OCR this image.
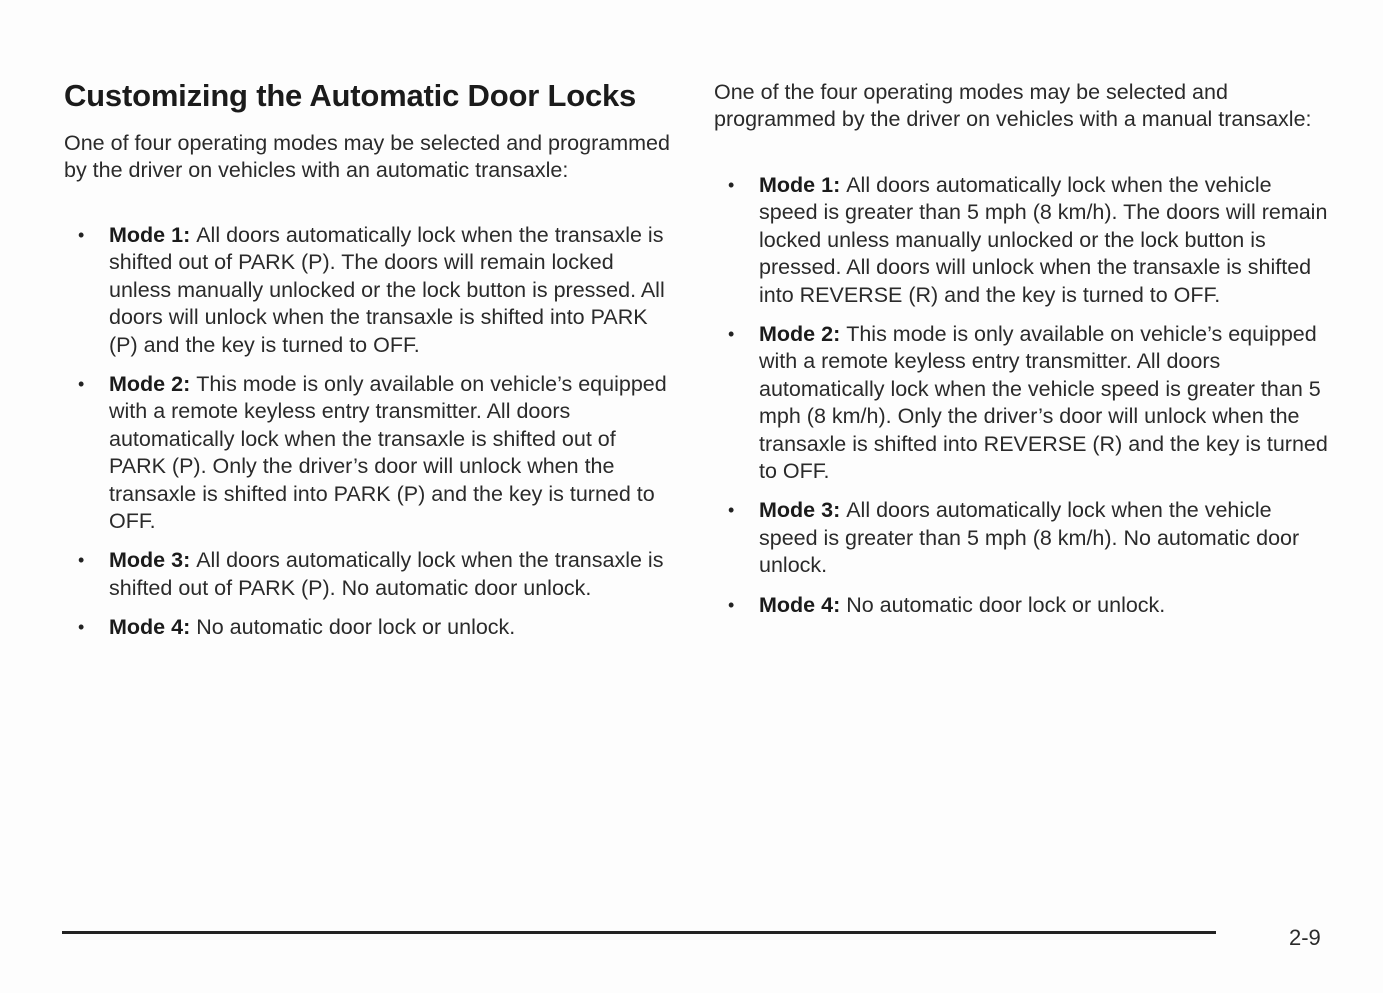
Customizing the Automatic Door Locks

One of four operating modes may be selected and programmed by the driver on vehicles with an automatic transaxle:

• Mode 1: All doors automatically lock when the transaxle is shifted out of PARK (P). The doors will remain locked unless manually unlocked or the lock button is pressed. All doors will unlock when the transaxle is shifted into PARK (P) and the key is turned to OFF.
• Mode 2: This mode is only available on vehicle’s equipped with a remote keyless entry transmitter. All doors automatically lock when the transaxle is shifted out of PARK (P). Only the driver’s door will unlock when the transaxle is shifted into PARK (P) and the key is turned to OFF.
• Mode 3: All doors automatically lock when the transaxle is shifted out of PARK (P). No automatic door unlock.
• Mode 4: No automatic door lock or unlock.

One of the four operating modes may be selected and programmed by the driver on vehicles with a manual transaxle:

• Mode 1: All doors automatically lock when the vehicle speed is greater than 5 mph (8 km/h). The doors will remain locked unless manually unlocked or the lock button is pressed. All doors will unlock when the transaxle is shifted into REVERSE (R) and the key is turned to OFF.
• Mode 2: This mode is only available on vehicle’s equipped with a remote keyless entry transmitter. All doors automatically lock when the vehicle speed is greater than 5 mph (8 km/h). Only the driver’s door will unlock when the transaxle is shifted into REVERSE (R) and the key is turned to OFF.
• Mode 3: All doors automatically lock when the vehicle speed is greater than 5 mph (8 km/h). No automatic door unlock.
• Mode 4: No automatic door lock or unlock.
2-9
